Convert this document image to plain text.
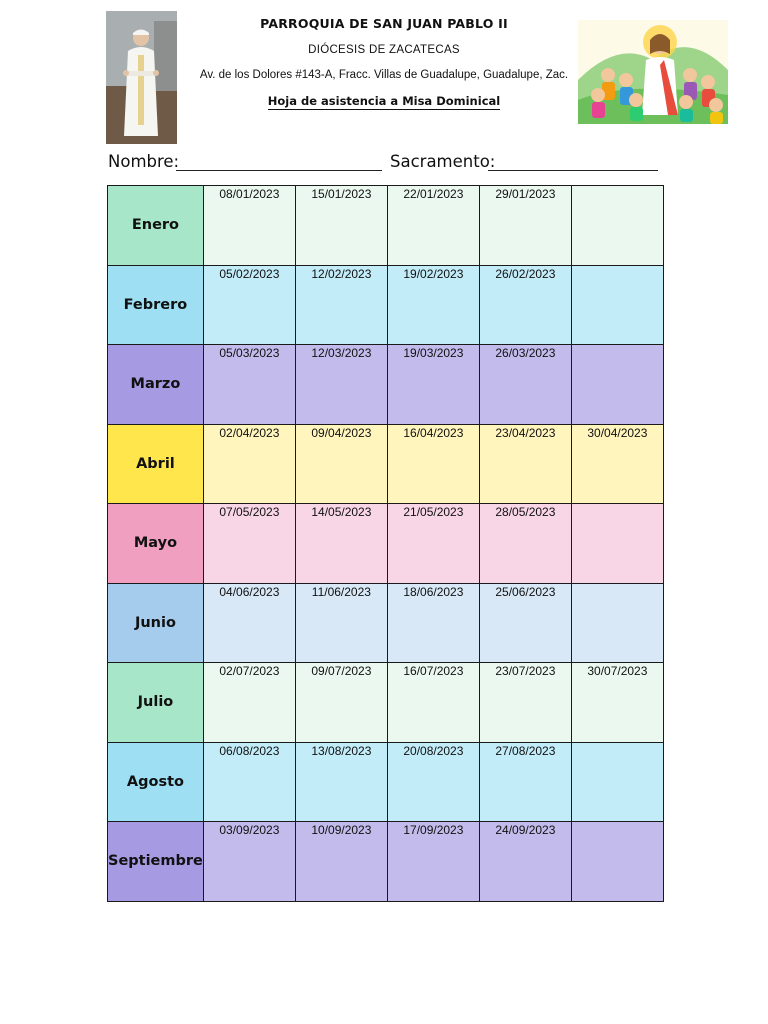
PARROQUIA DE SAN JUAN PABLO II
DIÓCESIS DE ZACATECAS
Av. de los Dolores #143-A, Fracc. Villas de Guadalupe, Guadalupe, Zac.
Hoja de asistencia a Misa Dominical
Nombre:	Sacramento:
Enero	08/01/2023	15/01/2023	22/01/2023	29/01/2023	

Febrero	05/02/2023	12/02/2023	19/02/2023	26/02/2023	

Marzo	05/03/2023	12/03/2023	19/03/2023	26/03/2023	

Abril	02/04/2023	09/04/2023	16/04/2023	23/04/2023	30/04/2023

Mayo	07/05/2023	14/05/2023	21/05/2023	28/05/2023	

Junio	04/06/2023	11/06/2023	18/06/2023	25/06/2023	

Julio	02/07/2023	09/07/2023	16/07/2023	23/07/2023	30/07/2023

Agosto	06/08/2023	13/08/2023	20/08/2023	27/08/2023	

Septiembre	03/09/2023	10/09/2023	17/09/2023	24/09/2023	
